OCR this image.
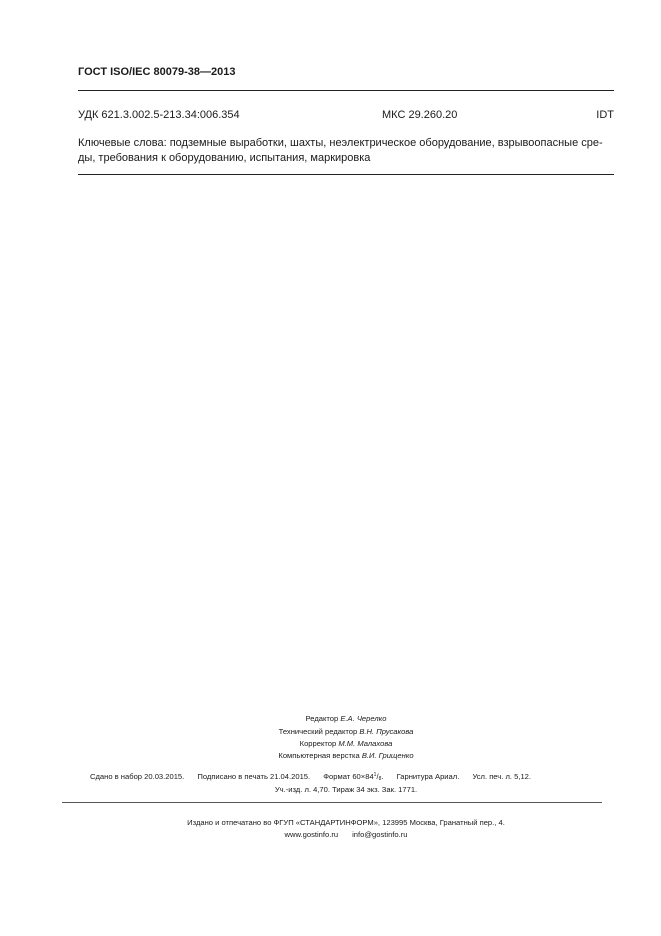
ГОСТ ISO/IEC 80079-38—2013
УДК 621.3.002.5-213.34:006.354	МКС 29.260.20	IDT
Ключевые слова: подземные выработки, шахты, неэлектрическое оборудование, взрывоопасные сре-
ды, требования к оборудованию, испытания, маркировка
Редактор Е.А. Черелко
Технический редактор В.Н. Прусакова
Корректор М.М. Малахова
Компьютерная верстка В.И. Грищенко
Сдано в набор 20.03.2015. Подписано в печать 21.04.2015. Формат $60\times 84^1/_8$. Гарнитура Ариал. Усл. печ. л. 5,12.
Уч.-изд. л. 4,70. Тираж 34 экз. Зак. 1771.
Издано и отпечатано во ФГУП «СТАНДАРТИНФОРМ», 123995 Москва, Гранатный пер., 4.
www.gostinfo.ru info@gostinfo.ru
